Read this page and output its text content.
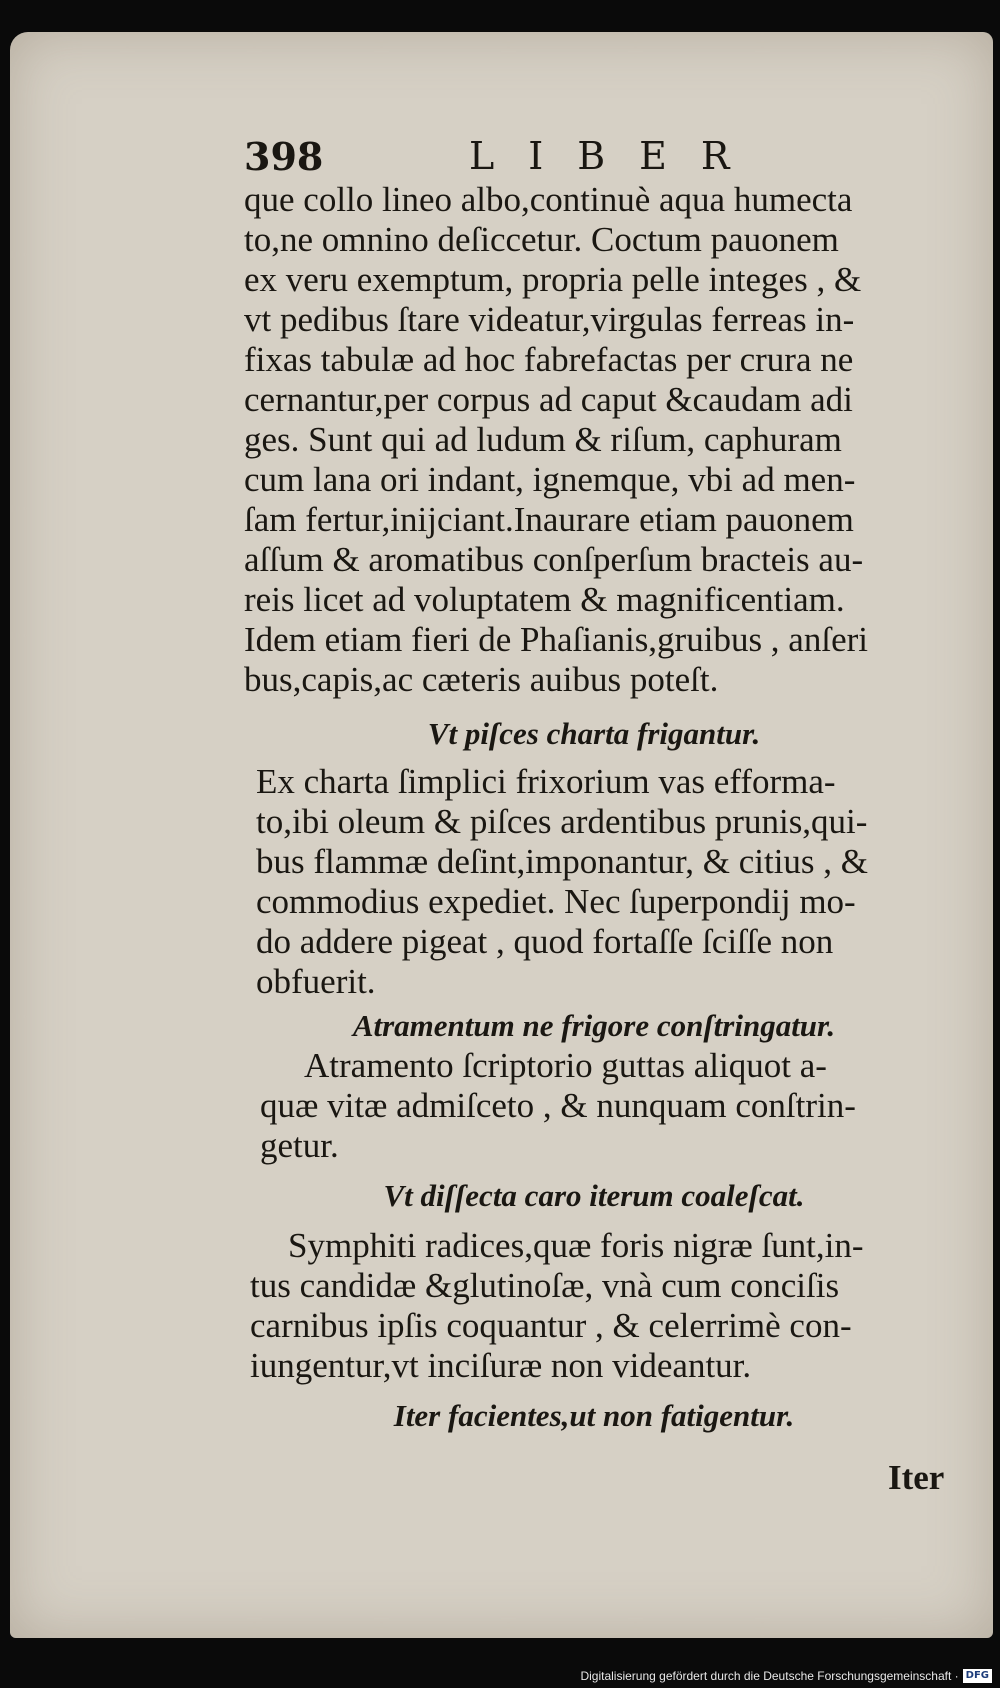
398	LIBER
que collo lineo albo,continuè aqua humecta
to,ne omnino deſiccetur. Coctum pauonem
ex veru exemptum, propria pelle integes , &
vt pedibus ſtare videatur,virgulas ferreas in-
fixas tabulæ ad hoc fabrefactas per crura ne
cernantur,per corpus ad caput &caudam adi
ges. Sunt qui ad ludum & riſum, caphuram
cum lana ori indant, ignemque, vbi ad men-
ſam fertur,inijciant.Inaurare etiam pauonem
aſſum & aromatibus conſperſum bracteis au-
reis licet ad voluptatem & magnificentiam.
Idem etiam fieri de Phaſianis,gruibus , anſeri
bus,capis,ac cæteris auibus poteſt.
Vt piſces charta frigantur.
Ex charta ſimplici frixorium vas efforma-
to,ibi oleum & piſces ardentibus prunis,qui-
bus flammæ deſint,imponantur, & citius , &
commodius expediet. Nec ſuperpondij mo-
do addere pigeat , quod fortaſſe ſciſſe non
obfuerit.
Atramentum ne frigore conſtringatur.
Atramento ſcriptorio guttas aliquot a-
quæ vitæ admiſceto , & nunquam conſtrin-
getur.
Vt diſſecta caro iterum coaleſcat.
Symphiti radices,quæ foris nigræ ſunt,in-
tus candidæ &glutinoſæ, vnà cum conciſis
carnibus ipſis coquantur , & celerrimè con-
iungentur,vt inciſuræ non videantur.
Iter facientes,ut non fatigentur.
Iter
Digitalisierung gefördert durch die Deutsche Forschungsgemeinschaft · DFG
